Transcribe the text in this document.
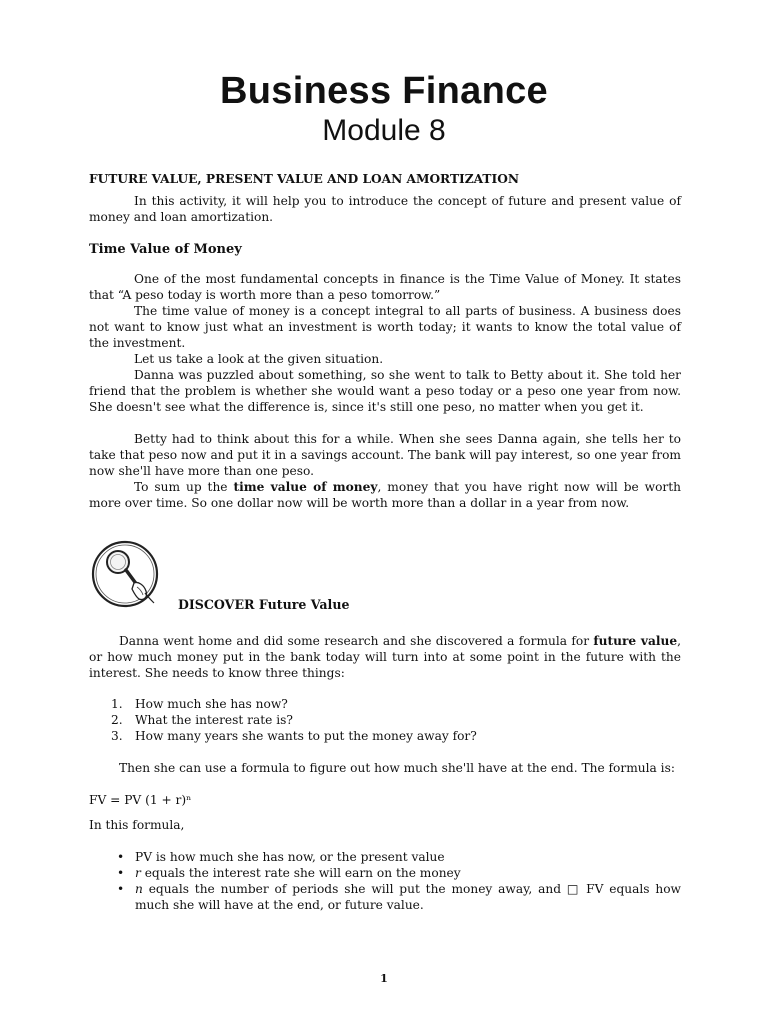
Business Finance
Module 8
FUTURE VALUE, PRESENT VALUE AND LOAN AMORTIZATION

In this activity, it will help you to introduce the concept of future and present value of money and loan amortization.

Time Value of Money

One of the most fundamental concepts in finance is the Time Value of Money. It states that “A peso today is worth more than a peso tomorrow.”

The time value of money is a concept integral to all parts of business. A business does not want to know just what an investment is worth today; it wants to know the total value of the investment.

Let us take a look at the given situation.

Danna was puzzled about something, so she went to talk to Betty about it. She told her friend that the problem is whether she would want a peso today or a peso one year from now. She doesn't see what the difference is, since it's still one peso, no matter when you get it.

Betty had to think about this for a while. When she sees Danna again, she tells her to take that peso now and put it in a savings account. The bank will pay interest, so one year from now she'll have more than one peso.

To sum up the time value of money, money that you have right now will be worth more over time. So one dollar now will be worth more than a dollar in a year from now.

DISCOVER Future Value

Danna went home and did some research and she discovered a formula for future value, or how much money put in the bank today will turn into at some point in the future with the interest. She needs to know three things:

1.	How much she has now?
2.	What the interest rate is?
3.	How many years she wants to put the money away for?

Then she can use a formula to figure out how much she'll have at the end. The formula is:

FV = PV (1 + r)ⁿ

In this formula,

• PV is how much she has now, or the present value
• r equals the interest rate she will earn on the money
• n equals the number of periods she will put the money away, and □ FV equals how much she will have at the end, or future value.
1
